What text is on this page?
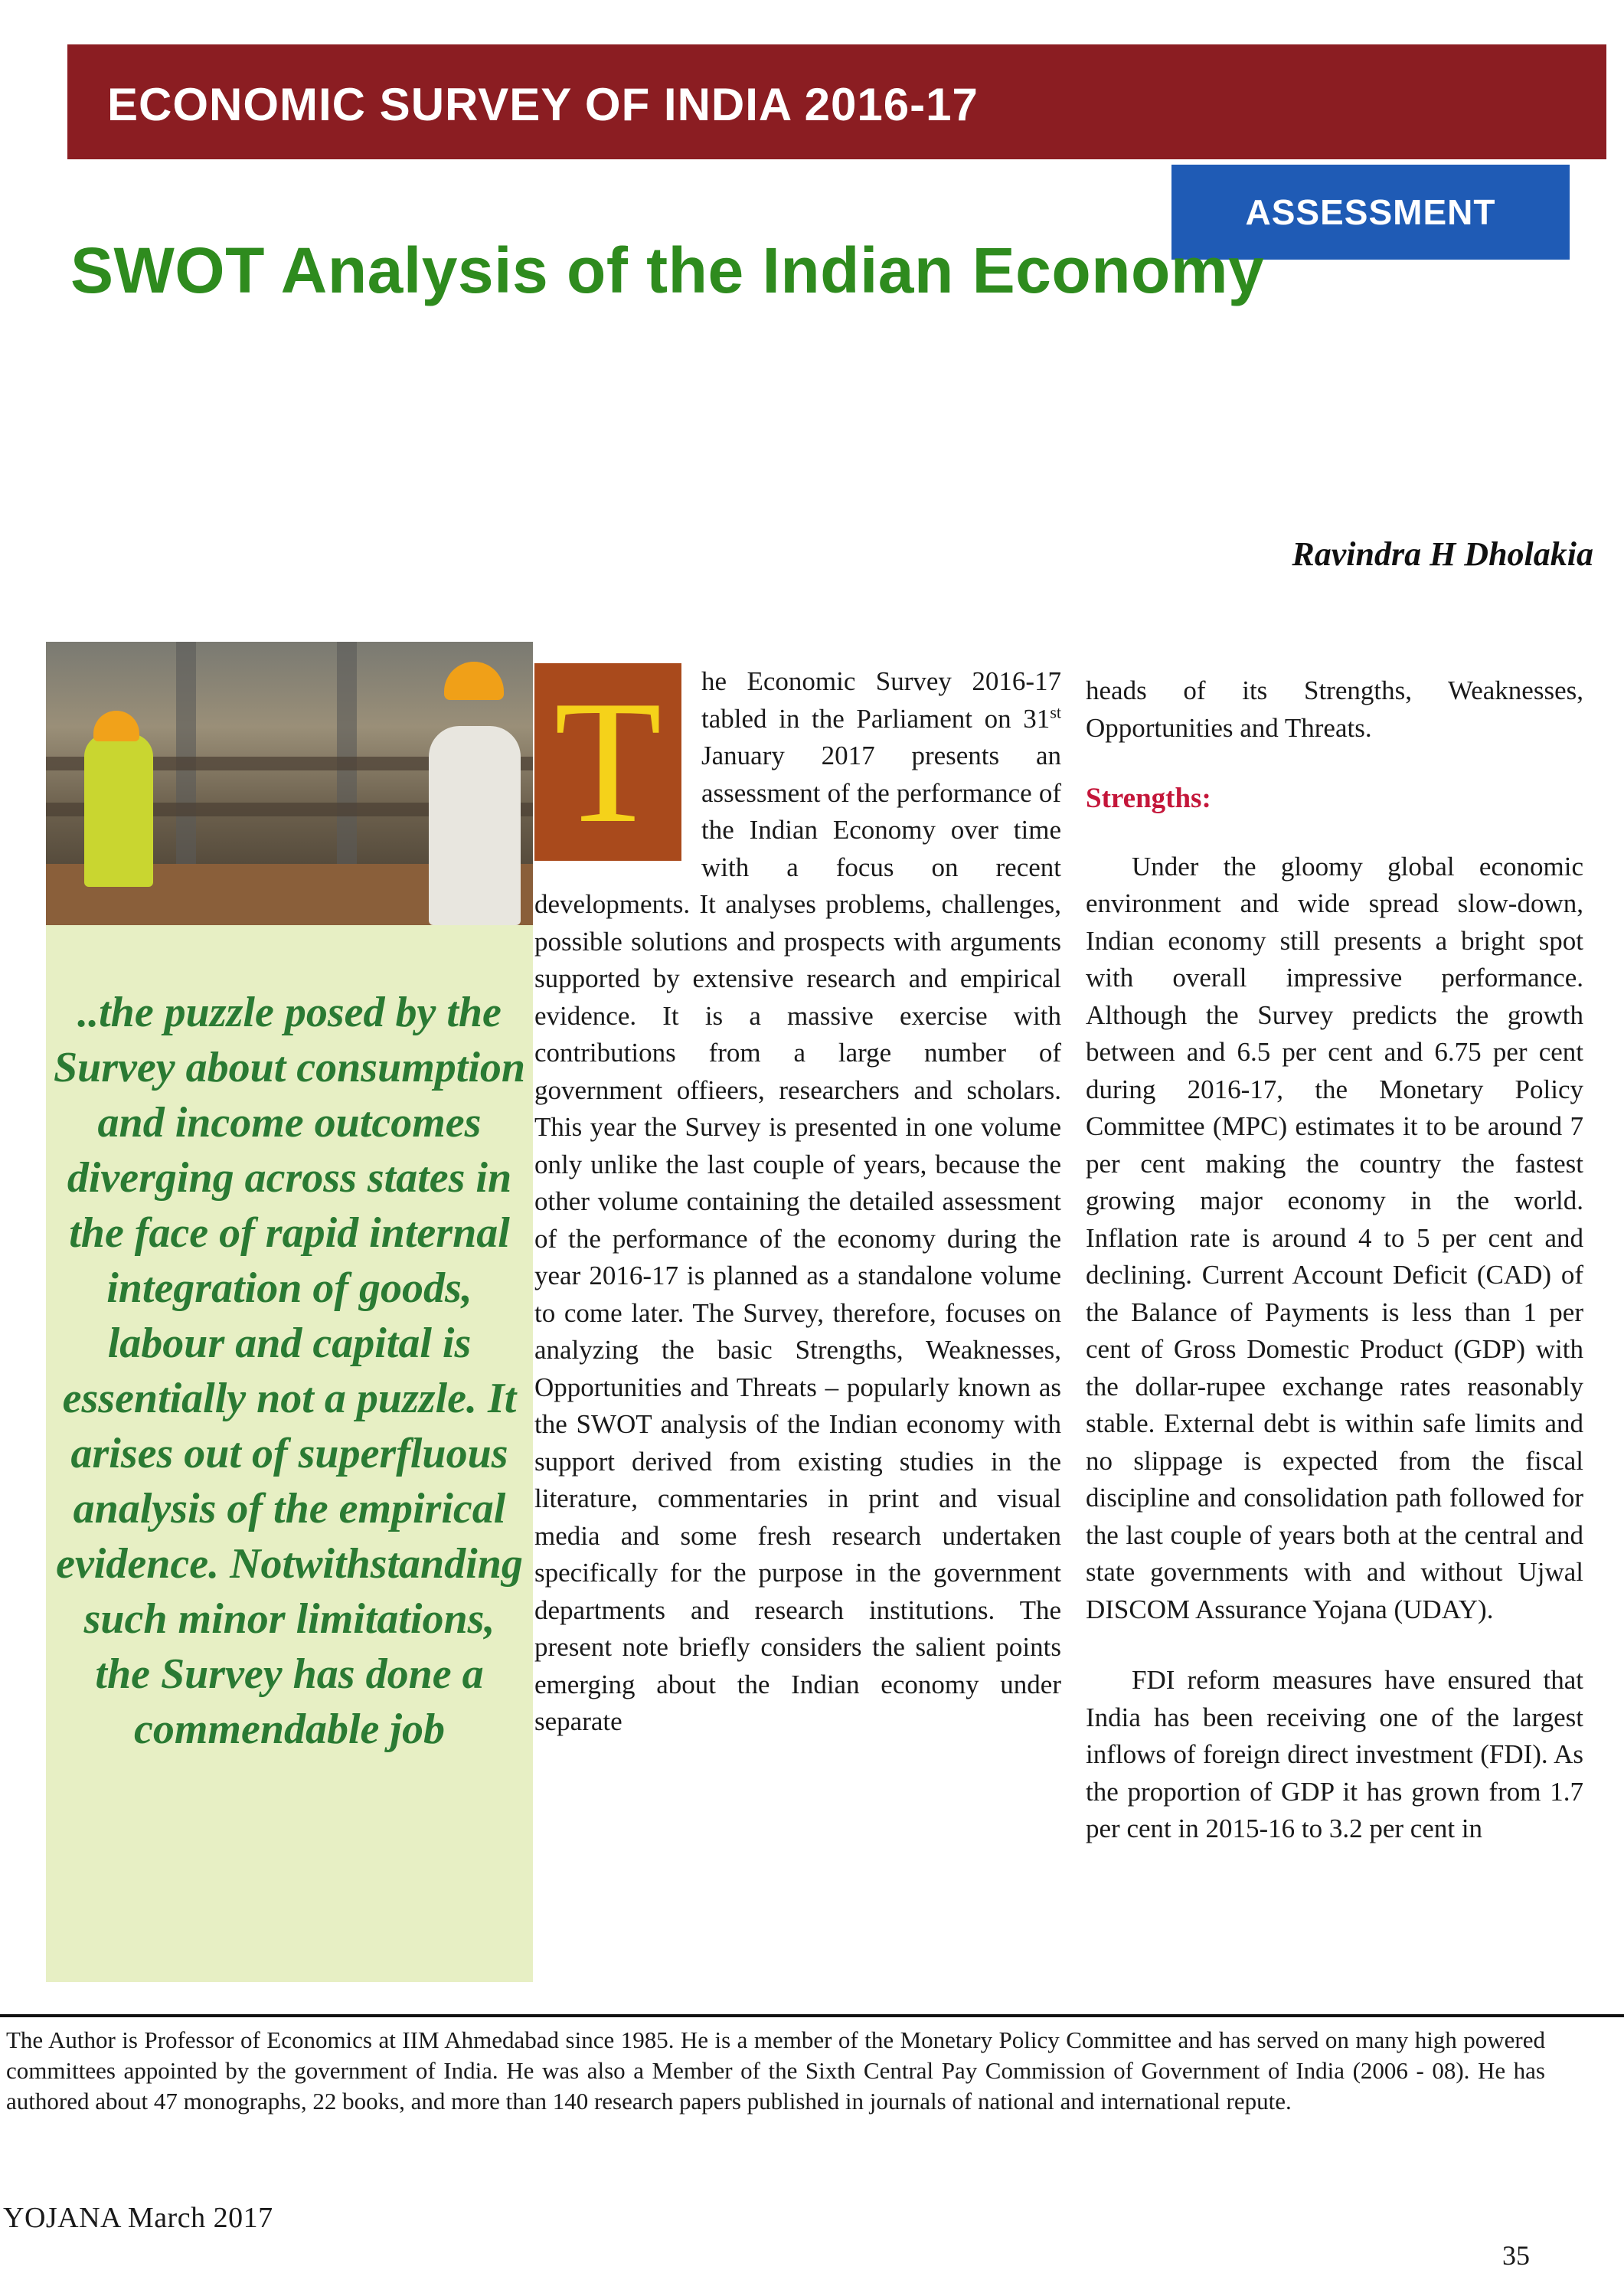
ECONOMIC SURVEY OF INDIA 2016-17
ASSESSMENT
SWOT Analysis of the Indian Economy
Ravindra H Dholakia
..the puzzle posed by the Survey about consumption and income outcomes diverging across states in the face of rapid internal integration of goods, labour and capital is essentially not a puzzle. It arises out of superfluous analysis of the empirical evidence. Notwithstanding such minor limitations, the Survey has done a commendable job

T	he Economic Survey 2016-17 tabled in the Parliament on 31st January 2017 presents an assessment of the performance of the Indian Economy over time with a focus on recent developments. It analyses problems, challenges, possible solutions and prospects with arguments supported by extensive research and empirical evidence. It is a massive exercise with contributions from a large number of government offieers, researchers and scholars. This year the Survey is presented in one volume only unlike the last couple of years, because the other volume containing the detailed assessment of the performance of the economy during the year 2016-17 is planned as a standalone volume to come later. The Survey, therefore, focuses on analyzing the basic Strengths, Weaknesses, Opportunities and Threats – popularly known as the SWOT analysis of the Indian economy with support derived from existing studies in the literature, commentaries in print and visual media and some fresh research undertaken specifically for the purpose in the government departments and research institutions. The present note briefly considers the salient points emerging about the Indian economy under separate

heads of its Strengths, Weaknesses, Opportunities and Threats.

Strengths:

Under the gloomy global economic environment and wide spread slow-down, Indian economy still presents a bright spot with overall impressive performance. Although the Survey predicts the growth between and 6.5 per cent and 6.75 per cent during 2016-17, the Monetary Policy Committee (MPC) estimates it to be around 7 per cent making the country the fastest growing major economy in the world. Inflation rate is around 4 to 5 per cent and declining. Current Account Deficit (CAD) of the Balance of Payments is less than 1 per cent of Gross Domestic Product (GDP) with the dollar-rupee exchange rates reasonably stable. External debt is within safe limits and no slippage is expected from the fiscal discipline and consolidation path followed for the last couple of years both at the central and state governments with and without Ujwal DISCOM Assurance Yojana (UDAY).

FDI reform measures have ensured that India has been receiving one of the largest inflows of foreign direct investment (FDI). As the proportion of GDP it has grown from 1.7 per cent in 2015-16 to 3.2 per cent in

The Author is Professor of Economics at IIM Ahmedabad since 1985. He is a member of the Monetary Policy Committee and has served on many high powered committees appointed by the government of India. He was also a Member of the Sixth Central Pay Commission of Government of India (2006 - 08). He has authored about 47 monographs, 22 books, and more than 140 research papers published in journals of national and international repute.
YOJANA March 2017
35
